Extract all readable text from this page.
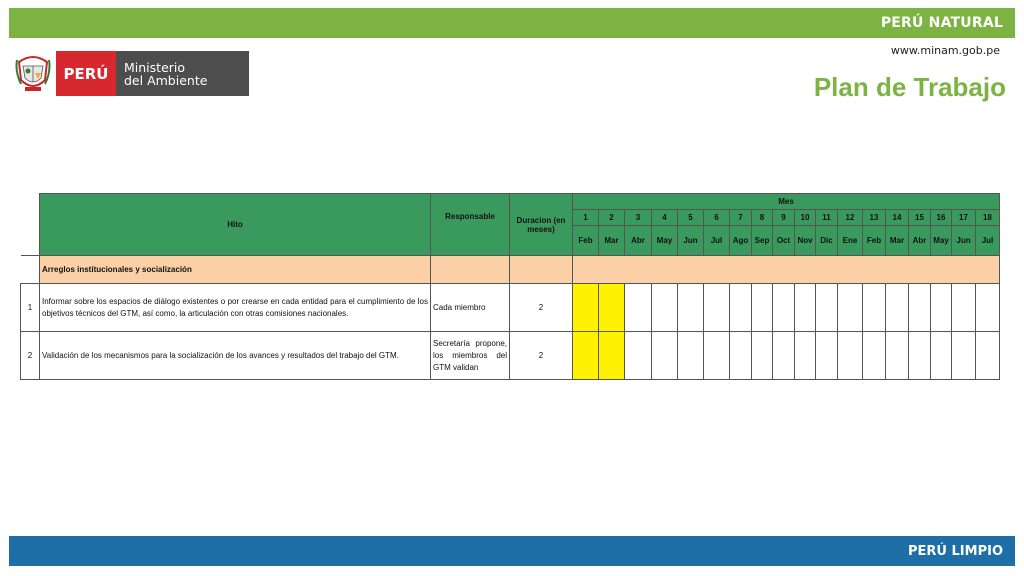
PERÚ NATURAL
www.minam.gob.pe
Plan de Trabajo
PERÚ	Ministerio
del Ambiente
	Hito	Responsable	Duracion (en meses)	Mes																	
				1	2	3	4	5	6	7	8	9	10	11	12	13	14	15	16	17	18
				Feb	Mar	Abr	May	Jun	Jul	Ago	Sep	Oct	Nov	Dic	Ene	Feb	Mar	Abr	May	Jun	Jul
	Arreglos institucionales y socialización																				
1	Informar sobre los espacios de diálogo existentes o por crearse en cada entidad para el cumplimiento de los objetivos técnicos del GTM, así como, la articulación con otras comisiones nacionales.	Cada miembro	2																		
2	Validación de los mecanismos para la socialización de los avances y resultados del trabajo del GTM.	Secretaría propone, los miembros del GTM validan	2																		
PERÚ LIMPIO
